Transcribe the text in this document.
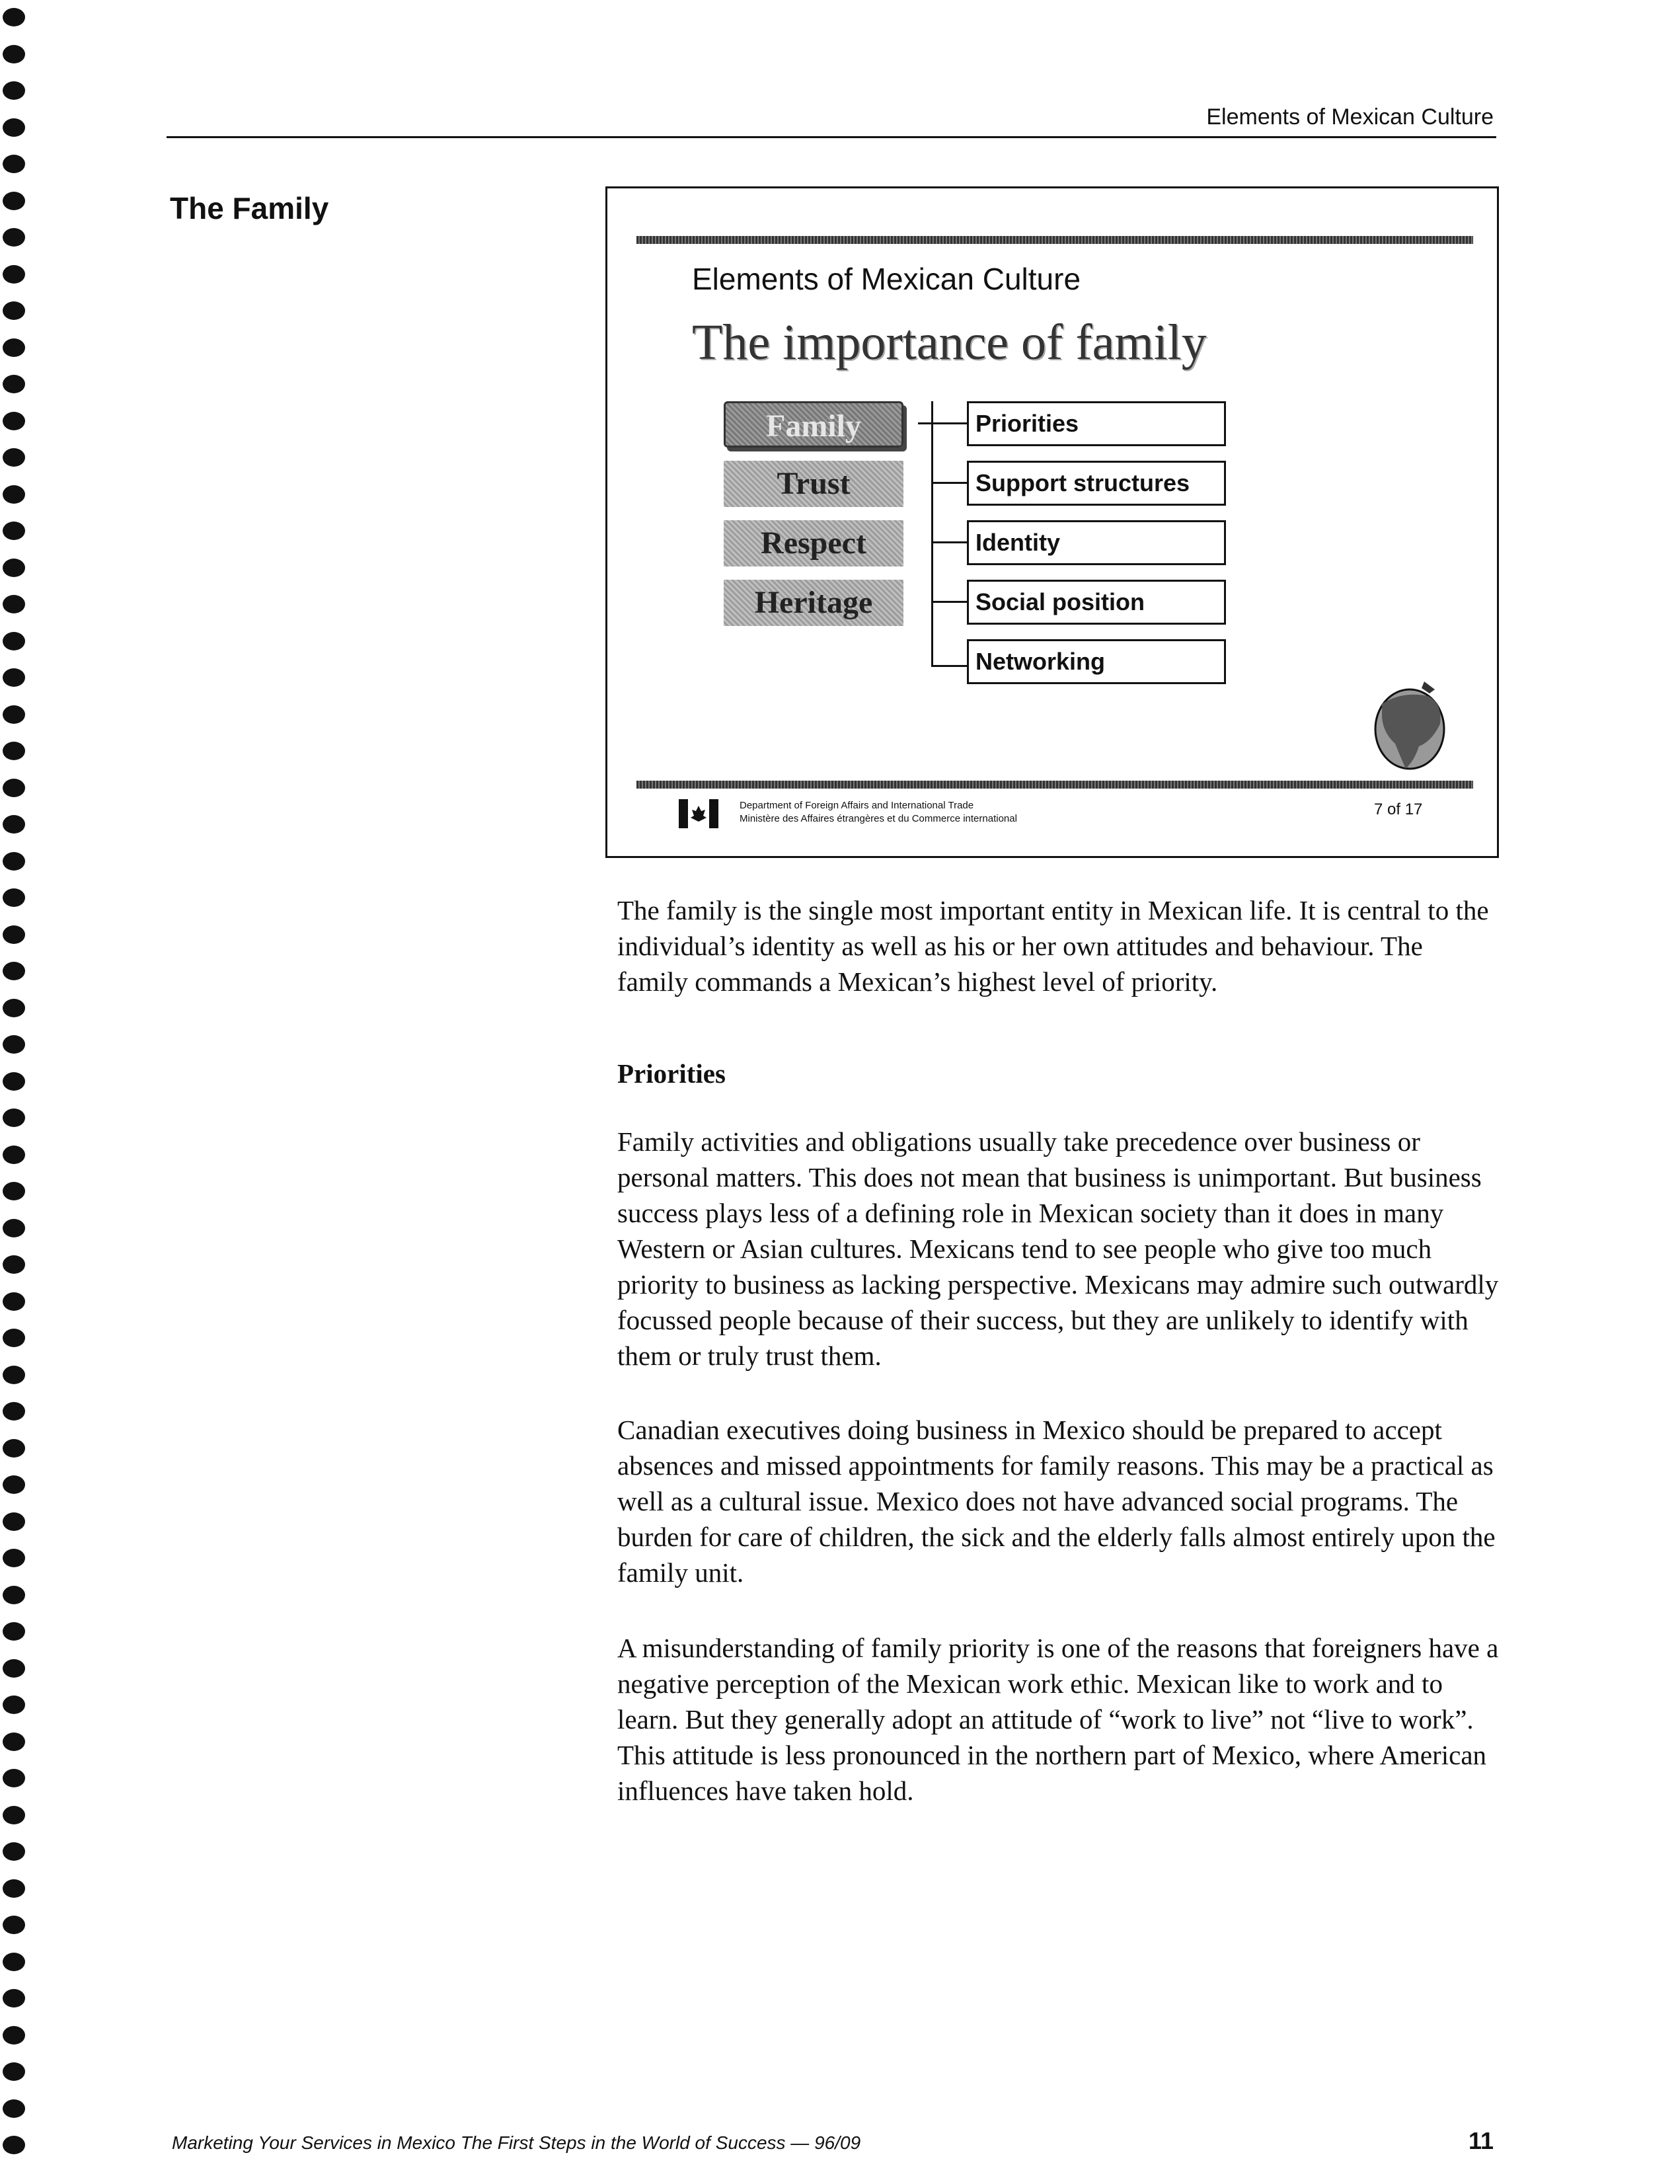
Elements of Mexican Culture
The Family
Elements of Mexican Culture
The importance of family
Family
Trust
Respect
Heritage
Priorities
Support structures
Identity
Social position
Networking
Department of Foreign Affairs and International Trade
Ministère des Affaires étrangères et du Commerce international
7 of 17

The family is the single most important entity in Mexican life. It is central to the individual’s identity as well as his or her own attitudes and behaviour. The family commands a Mexican’s highest level of priority.

Priorities

Family activities and obligations usually take precedence over business or personal matters. This does not mean that business is unimportant. But business success plays less of a defining role in Mexican society than it does in many Western or Asian cultures. Mexicans tend to see people who give too much priority to business as lacking perspective. Mexicans may admire such outwardly focussed people because of their success, but they are unlikely to identify with them or truly trust them.

Canadian executives doing business in Mexico should be prepared to accept absences and missed appointments for family reasons. This may be a practical as well as a cultural issue. Mexico does not have advanced social programs. The burden for care of children, the sick and the elderly falls almost entirely upon the family unit.

A misunderstanding of family priority is one of the reasons that foreigners have a negative perception of the Mexican work ethic. Mexican like to work and to learn. But they generally adopt an attitude of “work to live” not “live to work”. This attitude is less pronounced in the northern part of Mexico, where American influences have taken hold.

Marketing Your Services in Mexico The First Steps in the World of Success — 96/09	11
